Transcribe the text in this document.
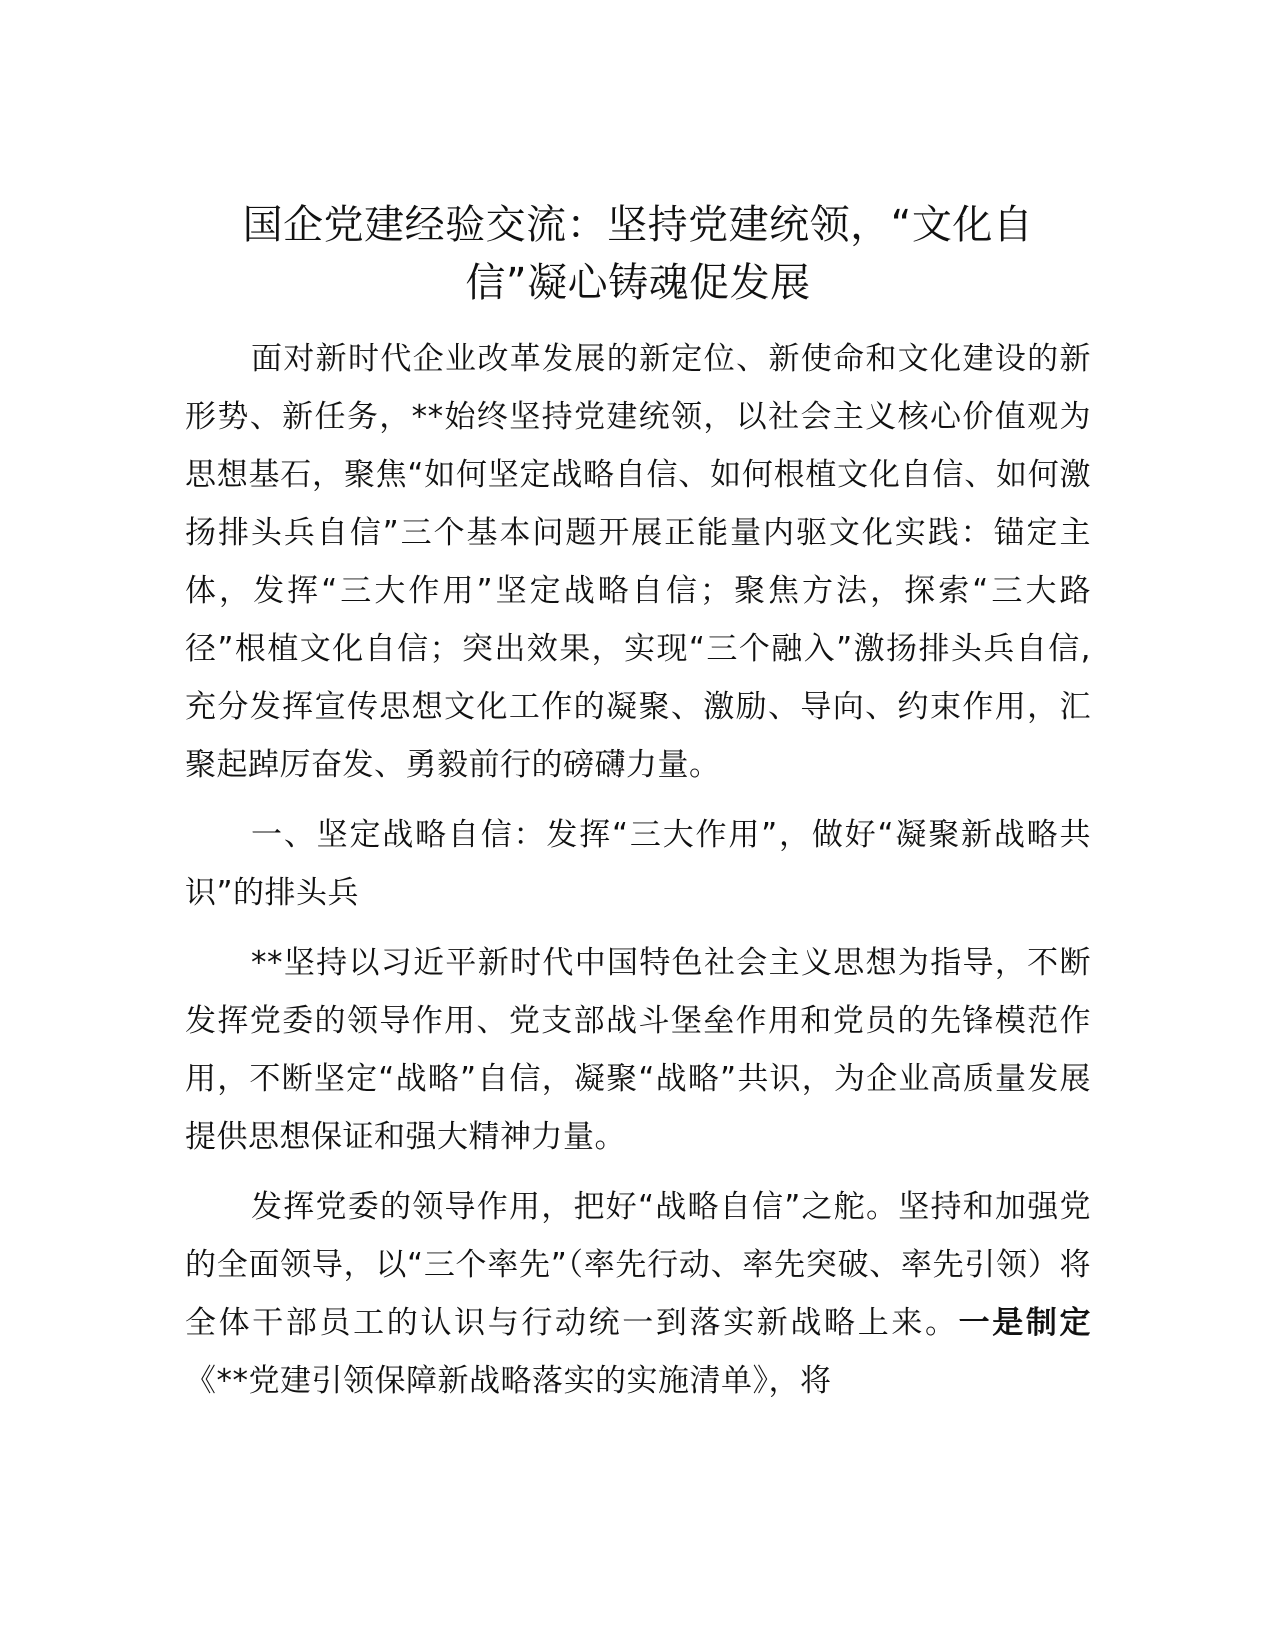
国企党建经验交流：坚持党建统领，“文化自
信”凝心铸魂促发展

面对新时代企业改革发展的新定位、新使命和文化建设的新形势、新任务，**始终坚持党建统领，以社会主义核心价值观为思想基石，聚焦“如何坚定战略自信、如何根植文化自信、如何激扬排头兵自信”三个基本问题开展正能量内驱文化实践：锚定主体，发挥“三大作用”坚定战略自信；聚焦方法，探索“三大路径”根植文化自信；突出效果，实现“三个融入”激扬排头兵自信,充分发挥宣传思想文化工作的凝聚、激励、导向、约束作用，汇聚起踔厉奋发、勇毅前行的磅礴力量。

一、坚定战略自信：发挥“三大作用”，做好“凝聚新战略共识”的排头兵

**坚持以习近平新时代中国特色社会主义思想为指导，不断发挥党委的领导作用、党支部战斗堡垒作用和党员的先锋模范作用，不断坚定“战略”自信，凝聚“战略”共识，为企业高质量发展提供思想保证和强大精神力量。

发挥党委的领导作用，把好“战略自信”之舵。坚持和加强党的全面领导，以“三个率先”（率先行动、率先突破、率先引领）将全体干部员工的认识与行动统一到落实新战略上来。一是制定《**党建引领保障新战略落实的实施清单》，将
